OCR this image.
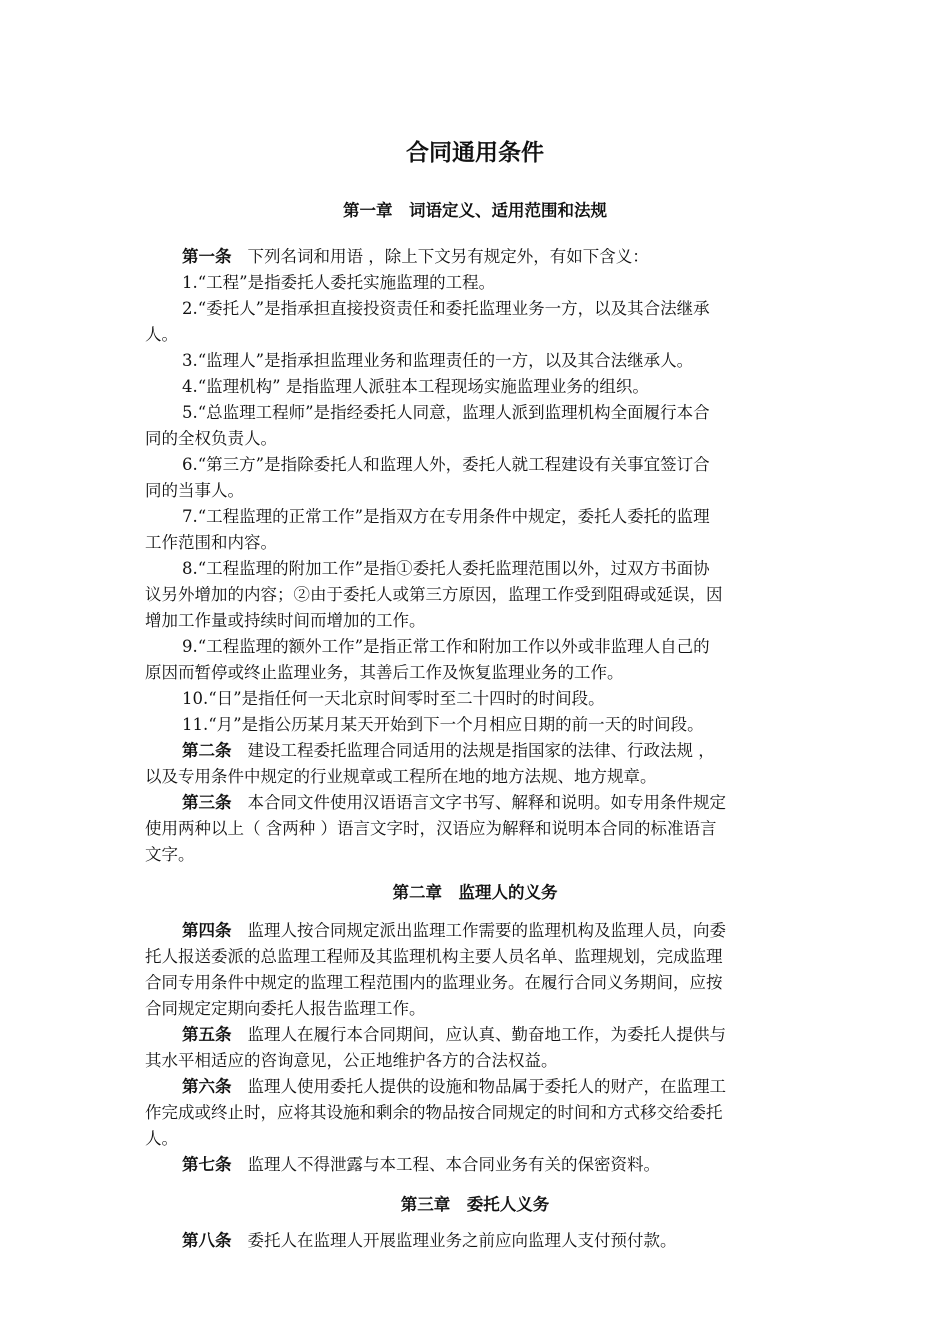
合同通用条件
第一章　词语定义、适用范围和法规
第一条 下列名词和用语 ，除上下文另有规定外，有如下含义：
1.“工程”是指委托人委托实施监理的工程。
2.“委托人”是指承担直接投资责任和委托监理业务一方，以及其合法继承
人。
3.“监理人”是指承担监理业务和监理责任的一方，以及其合法继承人。
4.“监理机构” 是指监理人派驻本工程现场实施监理业务的组织。
5.“总监理工程师”是指经委托人同意，监理人派到监理机构全面履行本合
同的全权负责人。
6.“第三方”是指除委托人和监理人外，委托人就工程建设有关事宜签订合
同的当事人。
7.“工程监理的正常工作”是指双方在专用条件中规定，委托人委托的监理
工作范围和内容。
8.“工程监理的附加工作”是指①委托人委托监理范围以外，过双方书面协
议另外增加的内容；②由于委托人或第三方原因，监理工作受到阻碍或延误，因
增加工作量或持续时间而增加的工作。
9.“工程监理的额外工作”是指正常工作和附加工作以外或非监理人自己的
原因而暂停或终止监理业务，其善后工作及恢复监理业务的工作。
10.“日”是指任何一天北京时间零时至二十四时的时间段。
11.“月”是指公历某月某天开始到下一个月相应日期的前一天的时间段。
第二条 建设工程委托监理合同适用的法规是指国家的法律、行政法规 ，
以及专用条件中规定的行业规章或工程所在地的地方法规、地方规章。
第三条 本合同文件使用汉语语言文字书写、解释和说明。如专用条件规定
使用两种以上（ 含两种 ）语言文字时，汉语应为解释和说明本合同的标准语言
文字。
第二章　监理人的义务
第四条 监理人按合同规定派出监理工作需要的监理机构及监理人员，向委
托人报送委派的总监理工程师及其监理机构主要人员名单、监理规划，完成监理
合同专用条件中规定的监理工程范围内的监理业务。在履行合同义务期间，应按
合同规定定期向委托人报告监理工作。
第五条 监理人在履行本合同期间，应认真、勤奋地工作，为委托人提供与
其水平相适应的咨询意见，公正地维护各方的合法权益。
第六条 监理人使用委托人提供的设施和物品属于委托人的财产，在监理工
作完成或终止时，应将其设施和剩余的物品按合同规定的时间和方式移交给委托
人。
第七条 监理人不得泄露与本工程、本合同业务有关的保密资料。
第三章　委托人义务
第八条 委托人在监理人开展监理业务之前应向监理人支付预付款。
